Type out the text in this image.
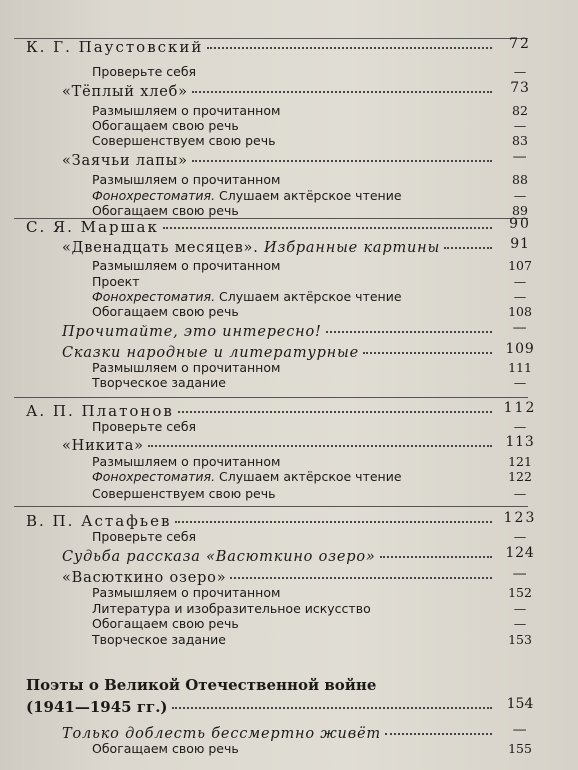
К. Г. Паустовский	72
Проверьте себя	—
«Тёплый хлеб»	73
Размышляем о прочитанном	82
Обогащаем свою речь	—
Совершенствуем свою речь	83
«Заячьи лапы»	—
Размышляем о прочитанном	88
Фонохрестоматия. Слушаем актёрское чтение	—
Обогащаем свою речь	89
С. Я. Маршак	90
«Двенадцать месяцев». Избранные картины	91
Размышляем о прочитанном	107
Проект	—
Фонохрестоматия. Слушаем актёрское чтение	—
Обогащаем свою речь	108
Прочитайте, это интересно!	—
Сказки народные и литературные	109
Размышляем о прочитанном	111
Творческое задание	—
А. П. Платонов	112
Проверьте себя	—
«Никита»	113
Размышляем о прочитанном	121
Фонохрестоматия. Слушаем актёрское чтение	122
Совершенствуем свою речь	—
В. П. Астафьев	123
Проверьте себя	—
Судьба рассказа «Васюткино озеро»	124
«Васюткино озеро»	—
Размышляем о прочитанном	152
Литература и изобразительное искусство	—
Обогащаем свою речь	—
Творческое задание	153
Поэты о Великой Отечественной войне
(1941—1945 гг.)	154
Только доблесть бессмертно живёт	—
Обогащаем свою речь	155
